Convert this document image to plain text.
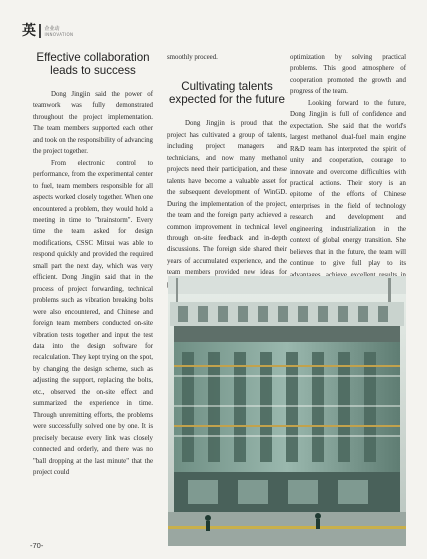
英 企业动
INNOVATION
Effective collaboration leads to success

Dong Jingjin said the power of teamwork was fully demonstrated throughout the project implementation. The team members supported each other and took on the responsibility of advancing the project together.

From electronic control to performance, from the experimental center to fuel, team members responsible for all aspects worked closely together. When one encountered a problem, they would hold a meeting in time to "brainstorm". Every time the team asked for design modifications, CSSC Mitsui was able to respond quickly and provided the required small part the next day, which was very efficient. Dong Jingjin said that in the process of project forwarding, technical problems such as vibration breaking bolts were also encountered, and Chinese and foreign team members conducted on-site vibration tests together and input the test data into the design software for recalculation. They kept trying on the spot, by changing the design scheme, such as adjusting the support, replacing the bolts, etc., observed the on-site effect and summarized the experience in time. Through unremitting efforts, the problems were successfully solved one by one. It is precisely because every link was closely connected and orderly, and there was no "ball dropping at the last minute" that the project could

smoothly proceed.

Cultivating talents expected for the future

Dong Jingjin is proud that the project has cultivated a group of talents, including project managers and technicians, and now many methanol projects need their participation, and these talents have become a valuable asset for the subsequent development of WinGD. During the implementation of the project, the team and the foreign party achieved a common improvement in technical level through on-site feedback and in-depth discussions. The foreign side shared their years of accumulated experience, and the team members provided new ideas for

optimization by solving practical problems. This good atmosphere of cooperation promoted the growth and progress of the team.

Looking forward to the future, Dong Jingjin is full of confidence and expectation. She said that the world's largest methanol dual-fuel main engine R&D team has interpreted the spirit of unity and cooperation, courage to innovate and overcome difficulties with practical actions. Their story is an epitome of the efforts of Chinese enterprises in the field of technology research and development and engineering industrialization in the context of global energy transition. She believes that in the future, the team will continue to give full play to its

-70-
